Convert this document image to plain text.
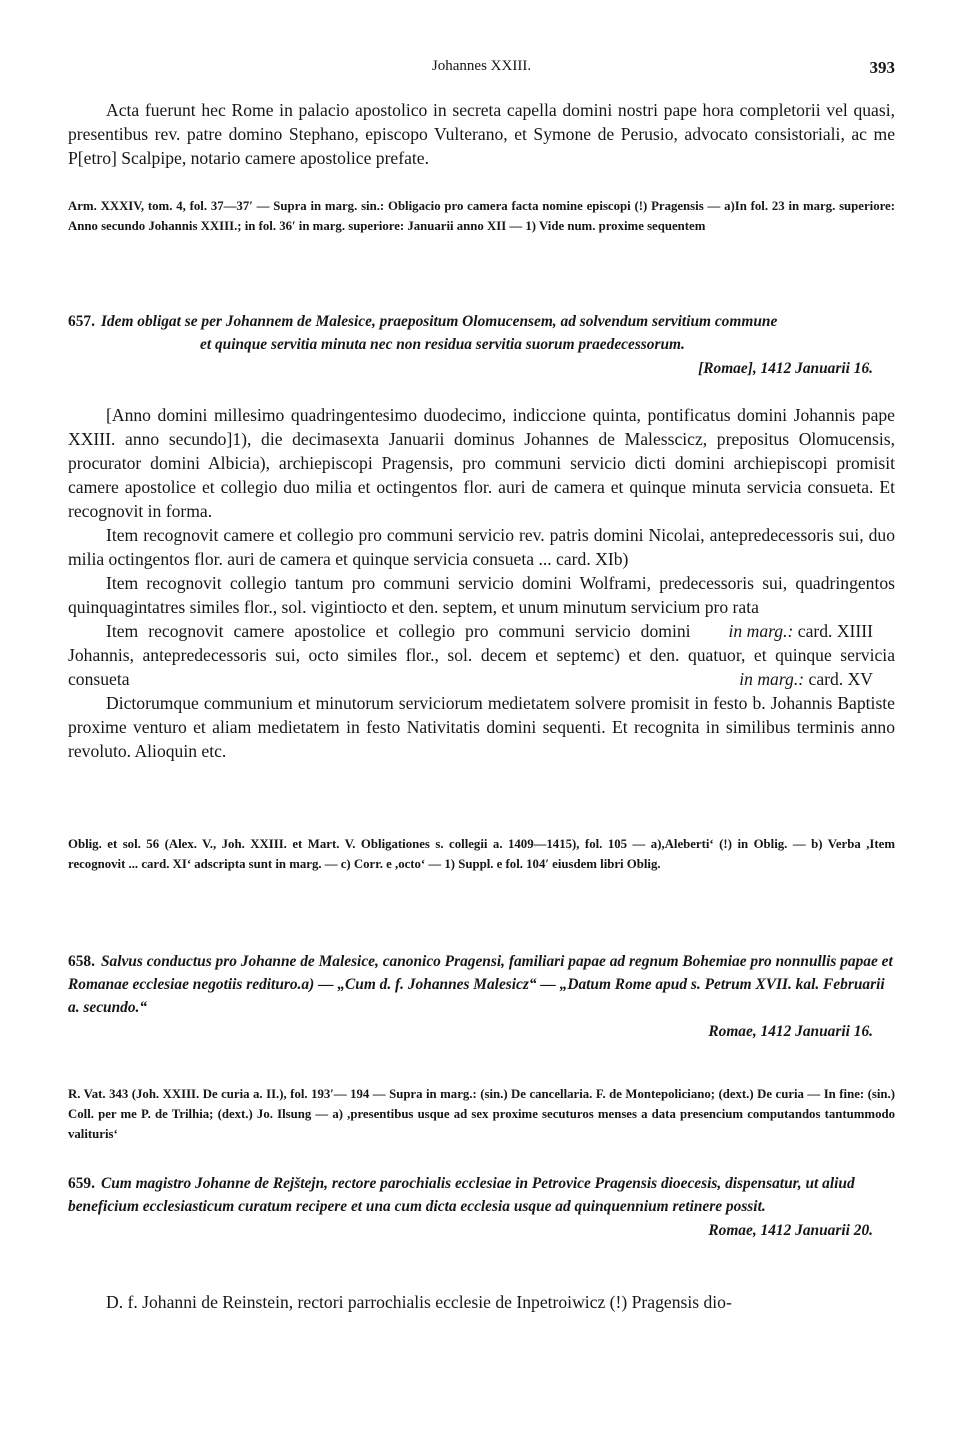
Johannes XXIII.	393

Acta fuerunt hec Rome in palacio apostolico in secreta capella domini nostri pape hora completorii vel quasi, presentibus rev. patre domino Stephano, episcopo Vulterano, et Symone de Perusio, advocato consistoriali, ac me P[etro] Scalpipe, notario camere apostolice prefate.

Arm. XXXIV, tom. 4, fol. 37—37′ — Supra in marg. sin.: Obligacio pro camera facta nomine episcopi (!) Pragensis — a)In fol. 23 in marg. superiore: Anno secundo Johannis XXIII.; in fol. 36′ in marg. superiore: Januarii anno XII — 1) Vide num. proxime sequentem

657. Idem obligat se per Johannem de Malesice, praepositum Olomucensem, ad solvendum servitium commune
et quinque servitia minuta nec non residua servitia suorum praedecessorum.

[Romae], 1412 Januarii 16.

[Anno domini millesimo quadringentesimo duodecimo, indiccione quinta, pontificatus domini Johannis pape XXIII. anno secundo]1), die decimasexta Januarii dominus Johannes de Malesscicz, prepositus Olomucensis, procurator domini Albicia), archiepiscopi Pragensis, pro communi servicio dicti domini archiepiscopi promisit camere apostolice et collegio duo milia et octingentos flor. auri de camera et quinque minuta servicia consueta. Et recognovit in forma.

Item recognovit camere et collegio pro communi servicio rev. patris domini Nicolai, antepredecessoris sui, duo milia octingentos flor. auri de camera et quinque servicia consueta ... card. XIb)

Item recognovit collegio tantum pro communi servicio domini Wolframi, predecessoris sui, quadringentos quinquagintatres similes flor., sol. vigintiocto et den. septem, et unum minutum servicium pro rata
in marg.: card. XIIII

Item recognovit camere apostolice et collegio pro communi servicio domini Johannis, antepredecessoris sui, octo similes flor., sol. decem et septemc) et den. quatuor, et quinque servicia consueta	in marg.: card. XV

Dictorumque communium et minutorum serviciorum medietatem solvere promisit in festo b. Johannis Baptiste proxime venturo et aliam medietatem in festo Nativitatis domini sequenti. Et recognita in similibus terminis anno revoluto. Alioquin etc.

Oblig. et sol. 56 (Alex. V., Joh. XXIII. et Mart. V. Obligationes s. collegii a. 1409—1415), fol. 105 — a),Aleberti‘ (!) in Oblig. — b) Verba ,Item recognovit ... card. XI‘ adscripta sunt in marg. — c) Corr. e ,octo‘ — 1) Suppl. e fol. 104′ eiusdem libri Oblig.

658. Salvus conductus pro Johanne de Malesice, canonico Pragensi, familiari papae ad regnum Bohemiae pro nonnullis papae et Romanae ecclesiae negotiis redituro.a) — „Cum d. f. Johannes Malesicz“ — „Datum Rome apud s. Petrum XVII. kal. Februarii a. secundo.“

Romae, 1412 Januarii 16.

R. Vat. 343 (Joh. XXIII. De curia a. II.), fol. 193′— 194 — Supra in marg.: (sin.) De cancellaria. F. de Montepoliciano; (dext.) De curia — In fine: (sin.) Coll. per me P. de Trilhia; (dext.) Jo. Ilsung — a) ,presentibus usque ad sex proxime secuturos menses a data presencium computandos tantummodo valituris‘

659. Cum magistro Johanne de Rejštejn, rectore parochialis ecclesiae in Petrovice Pragensis dioecesis, dispensatur, ut aliud beneficium ecclesiasticum curatum recipere et una cum dicta ecclesia usque ad quinquennium retinere possit.

Romae, 1412 Januarii 20.

D. f. Johanni de Reinstein, rectori parrochialis ecclesie de Inpetroiwicz (!) Pragensis dio-
